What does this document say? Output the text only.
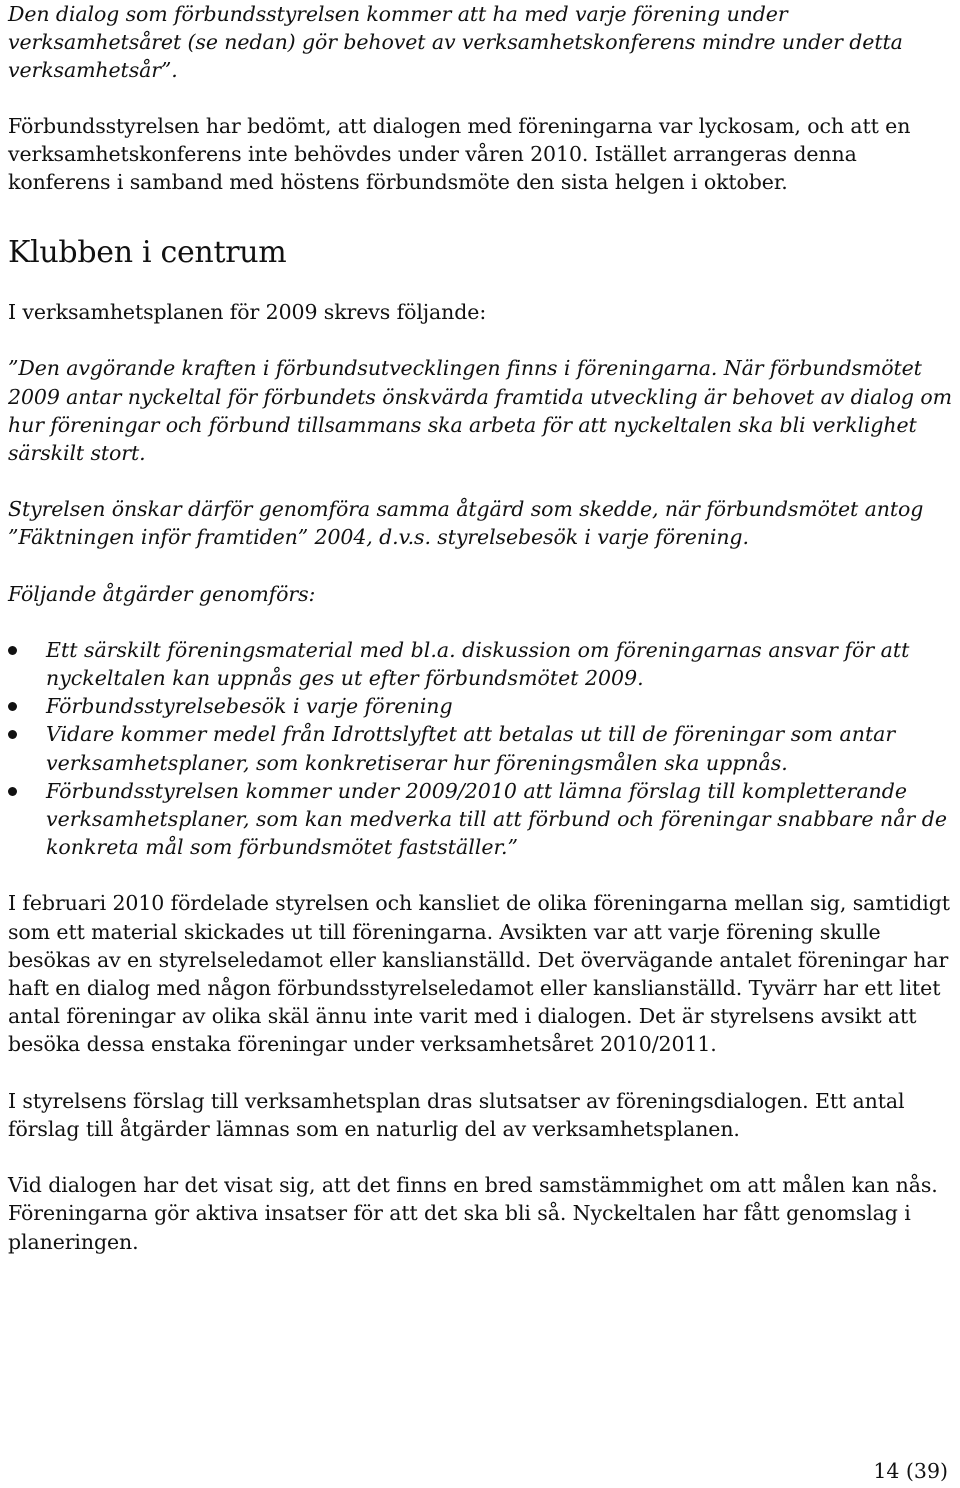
Den dialog som förbundsstyrelsen kommer att ha med varje förening under verksamhetsåret (se nedan) gör behovet av verksamhetskonferens mindre under detta verksamhetsår”.

Förbundsstyrelsen har bedömt, att dialogen med föreningarna var lyckosam, och att en verksamhetskonferens inte behövdes under våren 2010. Istället arrangeras denna konferens i samband med höstens förbundsmöte den sista helgen i oktober.

Klubben i centrum

I verksamhetsplanen för 2009 skrevs följande:

”Den avgörande kraften i förbundsutvecklingen finns i föreningarna. När förbundsmötet 2009 antar nyckeltal för förbundets önskvärda framtida utveckling är behovet av dialog om hur föreningar och förbund tillsammans ska arbeta för att nyckeltalen ska bli verklighet särskilt stort.

Styrelsen önskar därför genomföra samma åtgärd som skedde, när förbundsmötet antog ”Fäktningen inför framtiden” 2004, d.v.s. styrelsebesök i varje förening.

Följande åtgärder genomförs:

Ett särskilt föreningsmaterial med bl.a. diskussion om föreningarnas ansvar för att nyckeltalen kan uppnås ges ut efter förbundsmötet 2009.
Förbundsstyrelsebesök i varje förening
Vidare kommer medel från Idrottslyftet att betalas ut till de föreningar som antar verksamhetsplaner, som konkretiserar hur föreningsmålen ska uppnås.
Förbundsstyrelsen kommer under 2009/2010 att lämna förslag till kompletterande verksamhetsplaner, som kan medverka till att förbund och föreningar snabbare når de konkreta mål som förbundsmötet fastställer.”

I februari 2010 fördelade styrelsen och kansliet de olika föreningarna mellan sig, samtidigt som ett material skickades ut till föreningarna. Avsikten var att varje förening skulle besökas av en styrelseledamot eller kanslianställd. Det övervägande antalet föreningar har haft en dialog med någon förbundsstyrelseledamot eller kanslianställd. Tyvärr har ett litet antal föreningar av olika skäl ännu inte varit med i dialogen. Det är styrelsens avsikt att besöka dessa enstaka föreningar under verksamhetsåret 2010/2011.

I styrelsens förslag till verksamhetsplan dras slutsatser av föreningsdialogen. Ett antal förslag till åtgärder lämnas som en naturlig del av verksamhetsplanen.

Vid dialogen har det visat sig, att det finns en bred samstämmighet om att målen kan nås. Föreningarna gör aktiva insatser för att det ska bli så. Nyckeltalen har fått genomslag i planeringen.

14 (39)
